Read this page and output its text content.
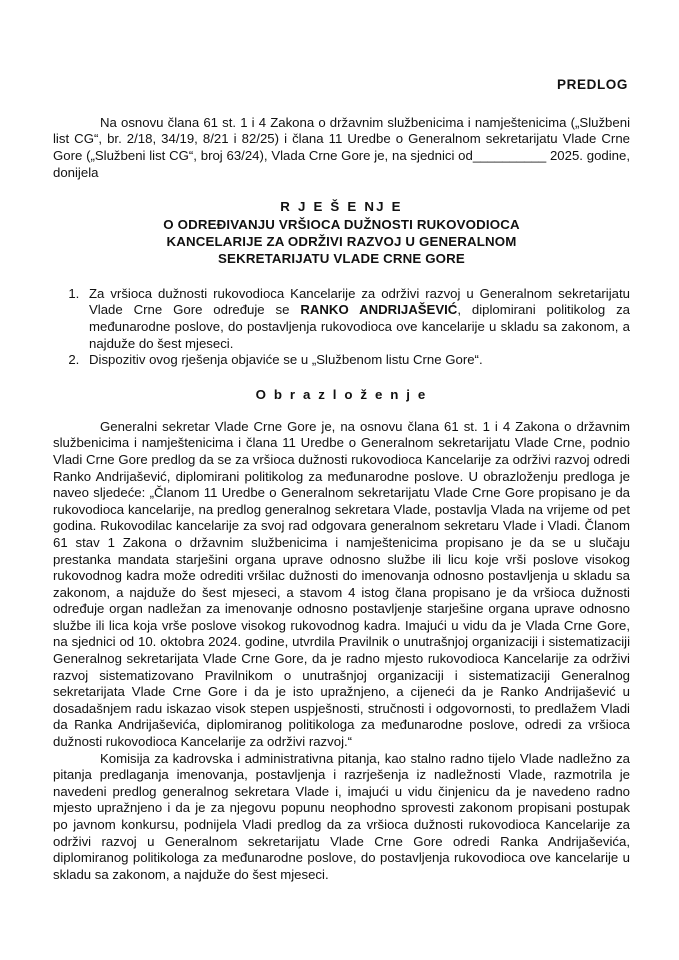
PREDLOG

Na osnovu člana 61 st. 1 i 4 Zakona o državnim službenicima i namještenicima („Službeni list CG“, br. 2/18, 34/19, 8/21 i 82/25) i člana 11 Uredbe o Generalnom sekretarijatu Vlade Crne Gore („Službeni list CG“, broj 63/24), Vlada Crne Gore je, na sjednici od__________ 2025. godine, donijela

R J E Š E NJ E
O ODREĐIVANJU VRŠIOCA DUŽNOSTI RUKOVODIOCA
KANCELARIJE ZA ODRŽIVI RAZVOJ U GENERALNOM
SEKRETARIJATU VLADE CRNE GORE
1. Za vršioca dužnosti rukovodioca Kancelarije za održivi razvoj u Generalnom sekretarijatu Vlade Crne Gore određuje se RANKO ANDRIJAŠEVIĆ, diplomirani politikolog za međunarodne poslove, do postavljenja rukovodioca ove kancelarije u skladu sa zakonom, a najduže do šest mjeseci.
2. Dispozitiv ovog rješenja objaviće se u „Službenom listu Crne Gore“.
O b r a z l o ž e n j e

Generalni sekretar Vlade Crne Gore je, na osnovu člana 61 st. 1 i 4 Zakona o državnim službenicima i namještenicima i člana 11 Uredbe o Generalnom sekretarijatu Vlade Crne, podnio Vladi Crne Gore predlog da se za vršioca dužnosti rukovodioca Kancelarije za održivi razvoj odredi Ranko Andrijašević, diplomirani politikolog za međunarodne poslove. U obrazloženju predloga je naveo sljedeće: „Članom 11 Uredbe o Generalnom sekretarijatu Vlade Crne Gore propisano je da rukovodioca kancelarije, na predlog generalnog sekretara Vlade, postavlja Vlada na vrijeme od pet godina. Rukovodilac kancelarije za svoj rad odgovara generalnom sekretaru Vlade i Vladi. Članom 61 stav 1 Zakona o državnim službenicima i namještenicima propisano je da se u slučaju prestanka mandata starješini organa uprave odnosno službe ili licu koje vrši poslove visokog rukovodnog kadra može odrediti vršilac dužnosti do imenovanja odnosno postavljenja u skladu sa zakonom, a najduže do šest mjeseci, a stavom 4 istog člana propisano je da vršioca dužnosti određuje organ nadležan za imenovanje odnosno postavljenje starješine organa uprave odnosno službe ili lica koja vrše poslove visokog rukovodnog kadra. Imajući u vidu da je Vlada Crne Gore, na sjednici od 10. oktobra 2024. godine, utvrdila Pravilnik o unutrašnjoj organizaciji i sistematizaciji Generalnog sekretarijata Vlade Crne Gore, da je radno mjesto rukovodioca Kancelarije za održivi razvoj sistematizovano Pravilnikom o unutrašnjoj organizaciji i sistematizaciji Generalnog sekretarijata Vlade Crne Gore i da je isto upražnjeno, a cijeneći da je Ranko Andrijašević u dosadašnjem radu iskazao visok stepen uspješnosti, stručnosti i odgovornosti, to predlažem Vladi da Ranka Andrijaševića, diplomiranog politikologa za međunarodne poslove, odredi za vršioca dužnosti rukovodioca Kancelarije za održivi razvoj.“

Komisija za kadrovska i administrativna pitanja, kao stalno radno tijelo Vlade nadležno za pitanja predlaganja imenovanja, postavljenja i razrješenja iz nadležnosti Vlade, razmotrila je navedeni predlog generalnog sekretara Vlade i, imajući u vidu činjenicu da je navedeno radno mjesto upražnjeno i da je za njegovu popunu neophodno sprovesti zakonom propisani postupak po javnom konkursu, podnijela Vladi predlog da za vršioca dužnosti rukovodioca Kancelarije za održivi razvoj u Generalnom sekretarijatu Vlade Crne Gore odredi Ranka Andrijaševića, diplomiranog politikologa za međunarodne poslove, do postavljenja rukovodioca ove kancelarije u skladu sa zakonom, a najduže do šest mjeseci.
